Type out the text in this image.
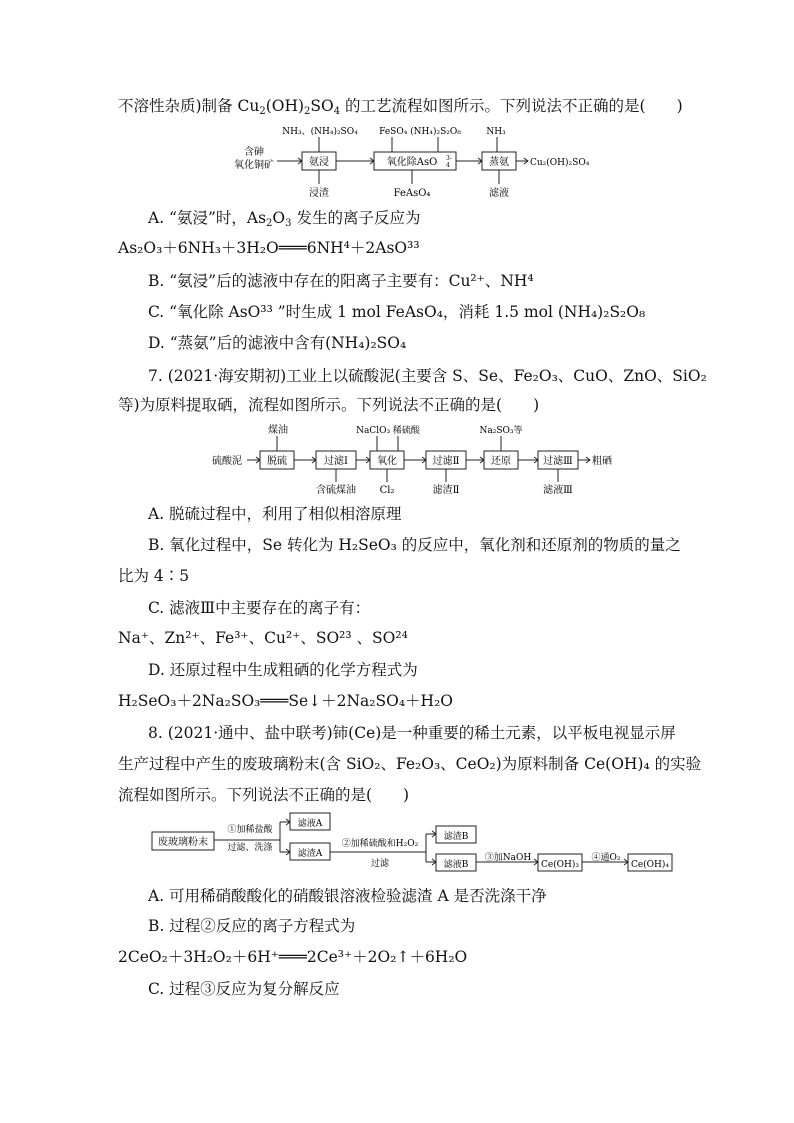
不溶性杂质)制备 $Cu_2(OH)_2SO_4$ 的工艺流程如图所示。下列说法不正确的是(　　)
含砷
氧化铜矿	氨浸	氧化除AsO 3-
4	蒸氨 Cu₂(OH)₂SO₄
NH₃、(NH₄)₂SO₄ FeSO₄ (NH₄)₂S₂O₈	NH₃
浸渣	FeAsO₄	滤液
A. “氨浸”时，$As_2O_3$ 发生的离子反应为
As₂O₃＋6NH₃＋3H₂O═══6NH⁴＋2AsO³³
B. “氨浸”后的滤液中存在的阳离子主要有：Cu²⁺、NH⁴
C. “氧化除 AsO³³ ”时生成 1 mol FeAsO₄，消耗 1.5 mol (NH₄)₂S₂O₈
D. “蒸氨”后的滤液中含有(NH₄)₂SO₄
7. (2021·海安期初)工业上以硫酸泥(主要含 S、Se、Fe₂O₃、CuO、ZnO、SiO₂
等)为原料提取硒，流程如图所示。下列说法不正确的是(　　)
硫酸泥	脱硫	过滤Ⅰ	氧化	过滤Ⅱ	还原	过滤Ⅲ 粗硒
煤油	NaClO₃ 稀硫酸	Na₂SO₃等
含硫煤油 Cl₂	滤渣Ⅱ	滤液Ⅲ
A. 脱硫过程中，利用了相似相溶原理
B. 氧化过程中，Se 转化为 H₂SeO₃ 的反应中，氧化剂和还原剂的物质的量之
比为 4∶5
C. 滤液Ⅲ中主要存在的离子有：
Na⁺、Zn²⁺、Fe³⁺、Cu²⁺、SO²³ 、SO²⁴
D. 还原过程中生成粗硒的化学方程式为
H₂SeO₃＋2Na₂SO₃═══Se↓＋2Na₂SO₄＋H₂O
8. (2021·通中、盐中联考)铈(Ce)是一种重要的稀土元素，以平板电视显示屏
生产过程中产生的废玻璃粉末(含 SiO₂、Fe₂O₃、CeO₂)为原料制备 Ce(OH)₄ 的实验
流程如图所示。下列说法不正确的是(　　)
废玻璃粉末
①加稀盐酸
过滤、洗涤
滤液A
滤渣A
②加稀硫酸和H₂O₂
过滤
滤渣B
滤液B
③加NaOH
Ce(OH)₃
④通O₂
Ce(OH)₄
A. 可用稀硝酸酸化的硝酸银溶液检验滤渣 A 是否洗涤干净
B. 过程②反应的离子方程式为
2CeO₂＋3H₂O₂＋6H⁺═══2Ce³⁺＋2O₂↑＋6H₂O
C. 过程③反应为复分解反应
